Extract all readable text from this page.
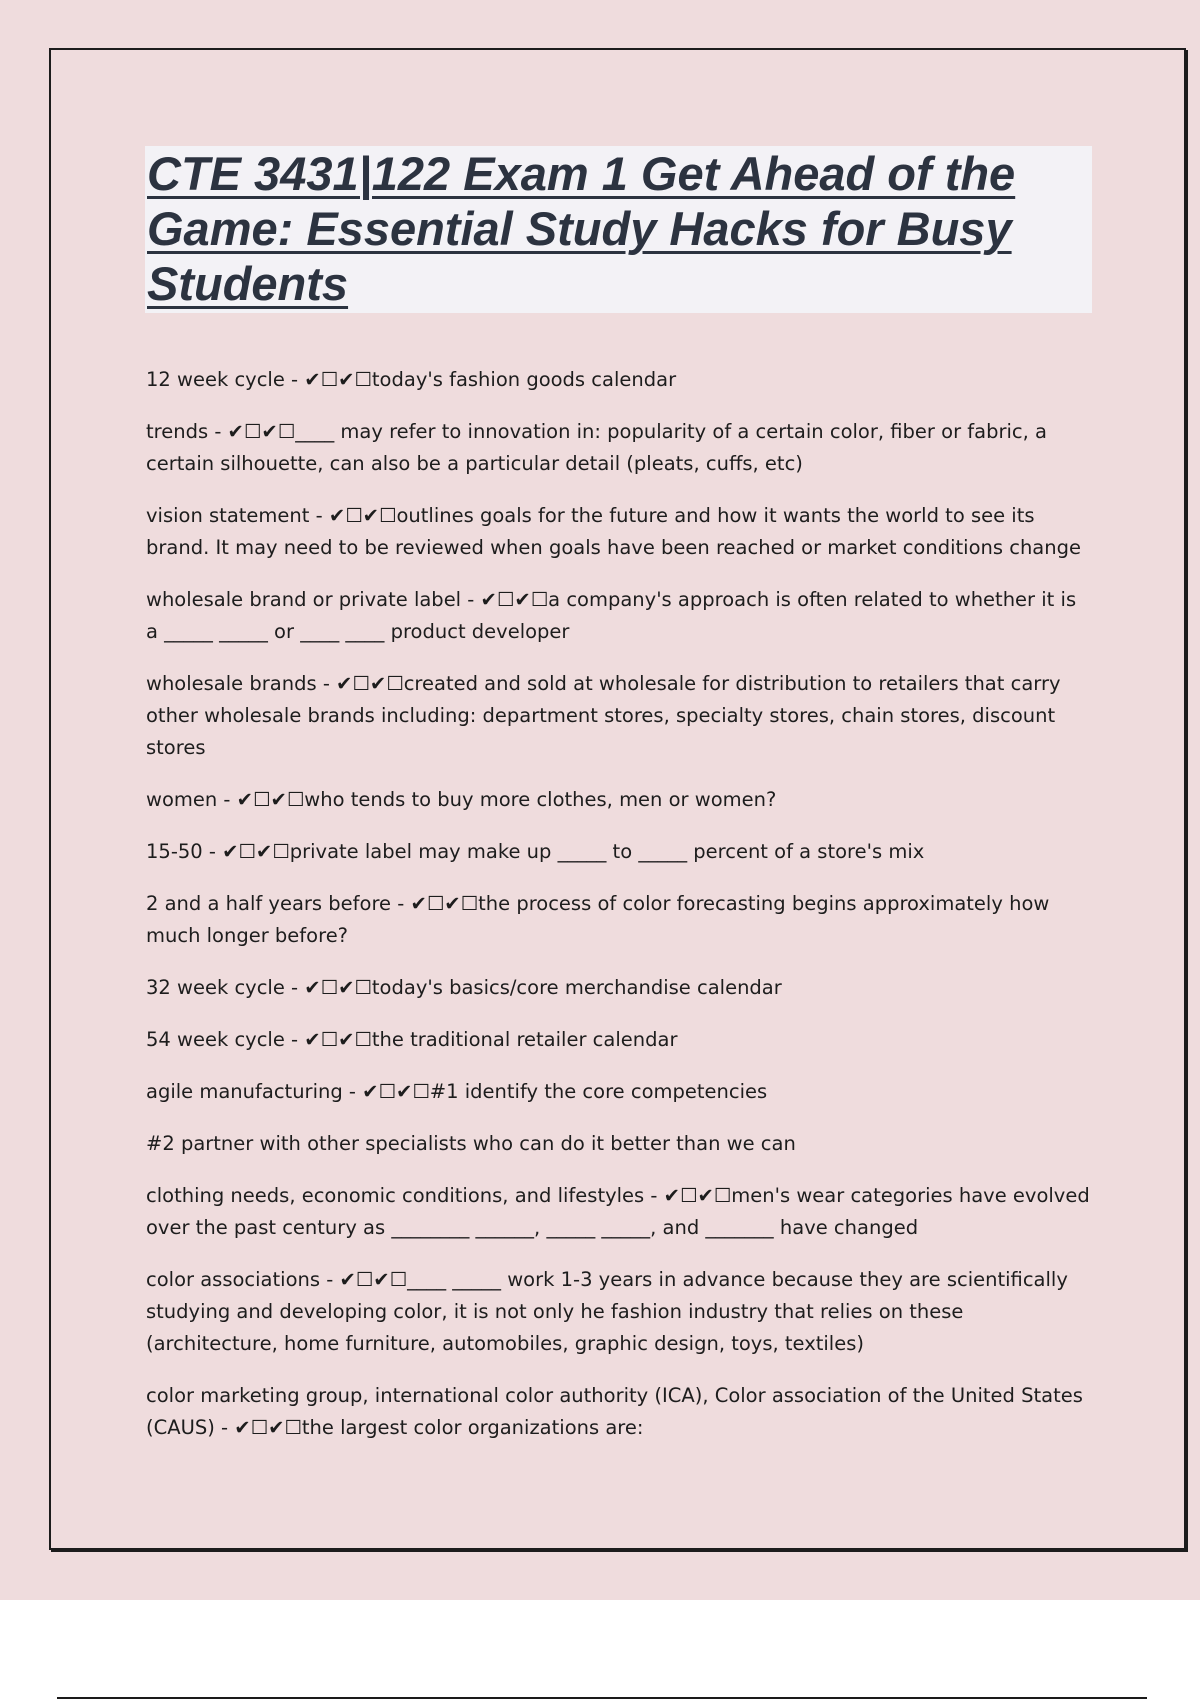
CTE 3431|122 Exam 1 Get Ahead of the Game: Essential Study Hacks for Busy Students

12 week cycle - ✔☐✔☐today's fashion goods calendar

trends - ✔☐✔☐____ may refer to innovation in: popularity of a certain color, fiber or fabric, a certain silhouette, can also be a particular detail (pleats, cuffs, etc)

vision statement - ✔☐✔☐outlines goals for the future and how it wants the world to see its brand. It may need to be reviewed when goals have been reached or market conditions change

wholesale brand or private label - ✔☐✔☐a company's approach is often related to whether it is a _____ _____ or ____ ____ product developer

wholesale brands - ✔☐✔☐created and sold at wholesale for distribution to retailers that carry other wholesale brands including: department stores, specialty stores, chain stores, discount stores

women - ✔☐✔☐who tends to buy more clothes, men or women?

15-50 - ✔☐✔☐private label may make up _____ to _____ percent of a store's mix

2 and a half years before - ✔☐✔☐the process of color forecasting begins approximately how much longer before?

32 week cycle - ✔☐✔☐today's basics/core merchandise calendar

54 week cycle - ✔☐✔☐the traditional retailer calendar

agile manufacturing - ✔☐✔☐#1 identify the core competencies

#2 partner with other specialists who can do it better than we can

clothing needs, economic conditions, and lifestyles - ✔☐✔☐men's wear categories have evolved over the past century as ________ ______, _____ _____, and _______ have changed

color associations - ✔☐✔☐____ _____ work 1-3 years in advance because they are scientifically studying and developing color, it is not only he fashion industry that relies on these (architecture, home furniture, automobiles, graphic design, toys, textiles)

color marketing group, international color authority (ICA), Color association of the United States (CAUS) - ✔☐✔☐the largest color organizations are:
